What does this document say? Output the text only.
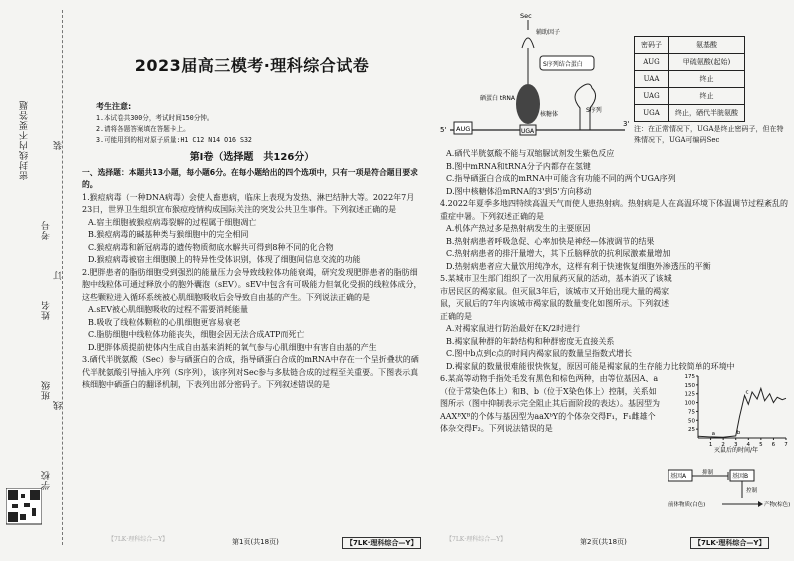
密封线内不要答题
学校
班级
姓名
考号
装
订
线
2023届高三模考·理科综合试卷
考生注意:
1.本试卷共300分，考试时间150分钟。
2.请将各题答案填在答题卡上。
3.可能用到的相对原子质量:H1 C12 N14 O16 S32
第Ⅰ卷（选择题　共126分）
一、选择题：本题共13小题，每小题6分。在每小题给出的四个选项中，只有一项是符合题目要求的。
1.猴痘病毒（一种DNA病毒）会使人畜患病，临床上表现为发热、淋巴结肿大等。2022年7月23日，世界卫生组织宣布猴痘疫情构成国际关注的突发公共卫生事件。下列叙述正确的是
A.宿主细胞被猴痘病毒裂解的过程属于细胞凋亡
B.猴痘病毒的碱基种类与猴细胞中的完全相同
C.猴痘病毒和新冠病毒的遗传物质彻底水解共可得到8种不同的化合物
D.猴痘病毒被宿主细胞膜上的特异性受体识别，体现了细胞间信息交流的功能
2.肥胖患者的脂肪细胞受到强烈的能量压力会导致线粒体功能衰竭，研究发现肥胖患者的脂肪细胞中线粒体可通过释放小的胞外囊泡（sEV）。sEV中包含有可吸能力但氧化受损的线粒体成分，这些颗粒进入循环系统被心肌细胞吸收后会导致自由基的产生。下列说法正确的是
A.sEV被心肌细胞吸收的过程不需要消耗能量
B.吸收了线粒体颗粒的心肌细胞更容易衰老
C.脂肪细胞中线粒体功能丧失，细胞会因无法合成ATP而死亡
D.肥胖体质提前使体内生成自由基来消耗的氧气参与心肌细胞中有害自由基的产生
3.硒代半胱氨酸（Sec）参与硒蛋白的合成，指导硒蛋白合成的mRNA中存在一个呈折叠状的硒代半胱氨酸引导插入序列（S序列），该序列对Sec参与多肽链合成的过程至关重要。下图表示真核细胞中硒蛋白的翻译机制，下表列出部分密码子。下列叙述错误的是
5'
3'
AUG	UGA
核糖体
Sec
辅助因子
S序列结合蛋白
硒蛋白 tRNA
S序列
A.硒代半胱氨酸不能与双缩脲试剂发生紫色反应
B.图中mRNA和tRNA分子内都存在氢键
C.指导硒蛋白合成的mRNA中可能含有功能不同的两个UGA序列
D.图中核糖体沿mRNA的3'到5'方向移动
4.2022年夏季多地四特续高温天气而使人患热射病。热射病是人在高温环境下体温调节过程紊乱的重症中暑。下列叙述正确的是
A.机体产热过多是热射病发生的主要原因
B.热射病患者呼吸急促、心率加快是神经—体液调节的结果
C.热射病患者的排汗量增大，其下丘脑释放的抗利尿激素量增加
D.热射病患者应大量饮用纯净水，这样有利于快速恢复细胞外渗透压的平衡
5.某城市卫生部门组织了一次用鼠药灭鼠的活动，基本消灭了该城市居民区的褐家鼠。但灭鼠3年后，该城市又开始出现大量的褐家鼠，灭鼠后的7年内该城市褐家鼠的数量变化如图所示。下列叙述正确的是
A.对褐家鼠进行防治最好在K/2时进行
B.褐家鼠种群的年龄结构和种群密度无直接关系
C.图中b点到c点的时间内褐家鼠的数量呈指数式增长
D.褐家鼠的数量很难能很快恢复，原因可能是褐家鼠的生存能力比较简单的环境中
6.某高等动物手指处毛发有黑色和棕色两种，由等位基因A、a（位于常染色体上）和B、b（位于X染色体上）控制，关系如图所示（图中抑制表示完全阻止其后面阶段的表达）。基因型为AAXᴮXᴮ的个体与基因型为aaXᵇY的个体杂交得F₁，F₁雌雄个体杂交得F₂。下列说法错误的是
密码子	氨基酸
AUG	甲硫氨酸(起始)
UAA	终止
UAG	终止
UGA	终止，硒代半胱氨酸
注：在正常情况下，UGA是终止密码子，但在特殊情况下，UGA可编码Sec
25
50
75
100
125
150
175
1 2 3 4 5 6 7
a	b
c
灭鼠后的时间/年
基因A	抑制	基因B
控制
前体物质(白色)	产物(棕色)
【7LK·理科综合—Y】	第1页(共18页)	【7LK·理科综合—Y】	【7LK·理科综合—Y】	第2页(共18页)	【7LK·理科综合—Y】
